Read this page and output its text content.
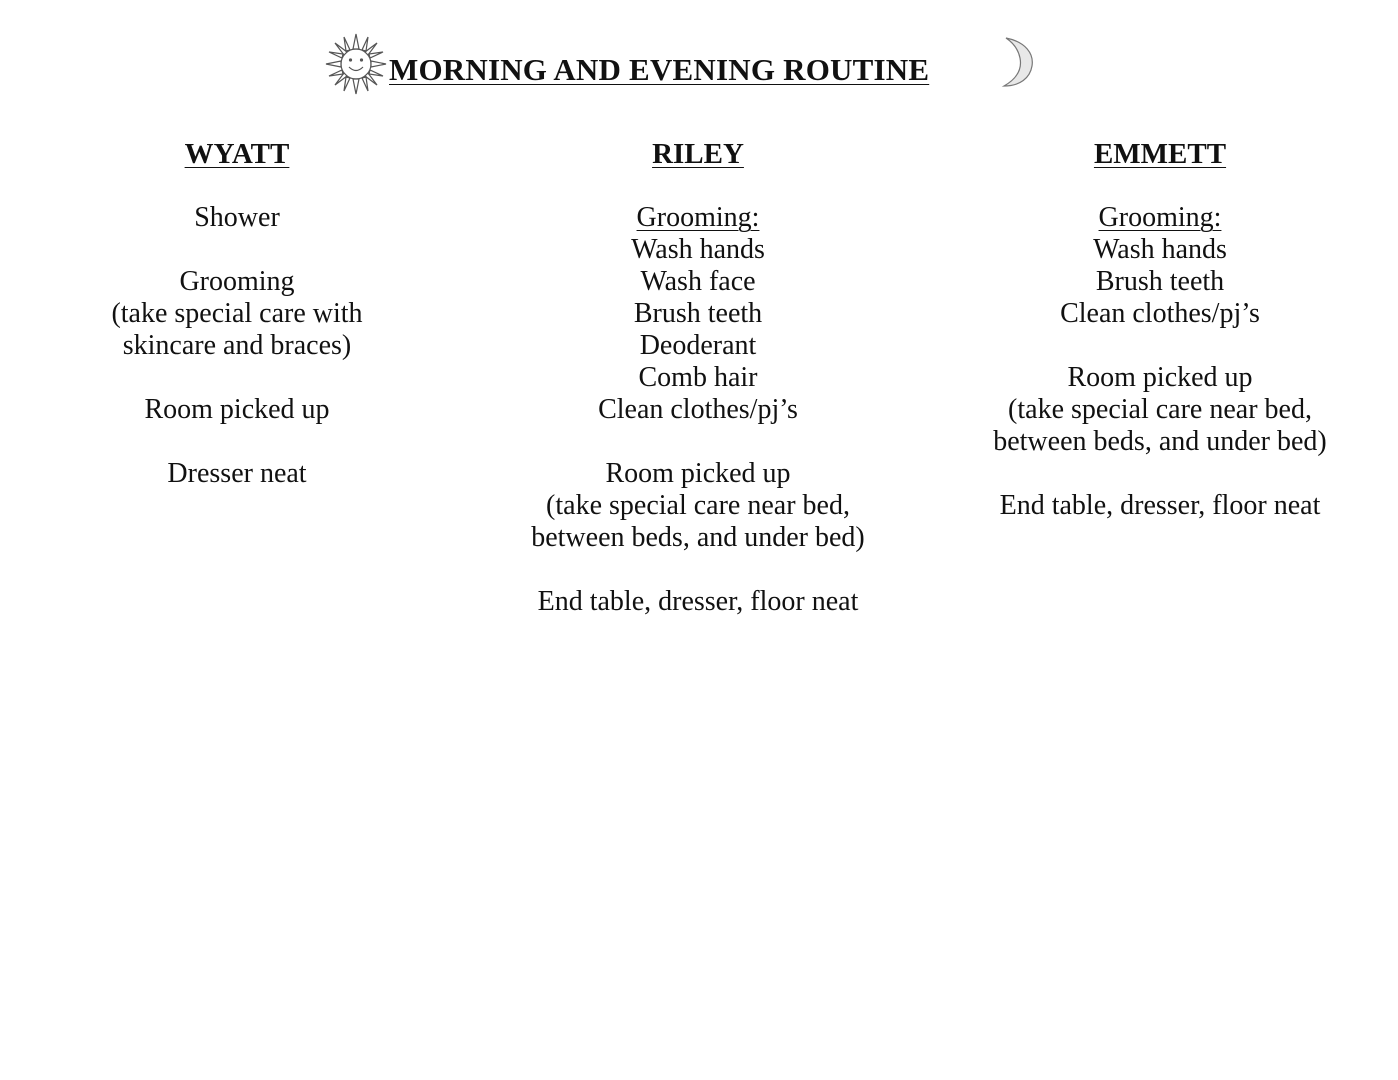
MORNING AND EVENING ROUTINE
WYATT
Shower
Grooming
(take special care with
skincare and braces)
Room picked up
Dresser neat
RILEY
Grooming:
Wash hands
Wash face
Brush teeth
Deoderant
Comb hair
Clean clothes/pj’s
Room picked up
(take special care near bed,
between beds, and under bed)
End table, dresser, floor neat
EMMETT
Grooming:
Wash hands
Brush teeth
Clean clothes/pj’s
Room picked up
(take special care near bed,
between beds, and under bed)
End table, dresser, floor neat
